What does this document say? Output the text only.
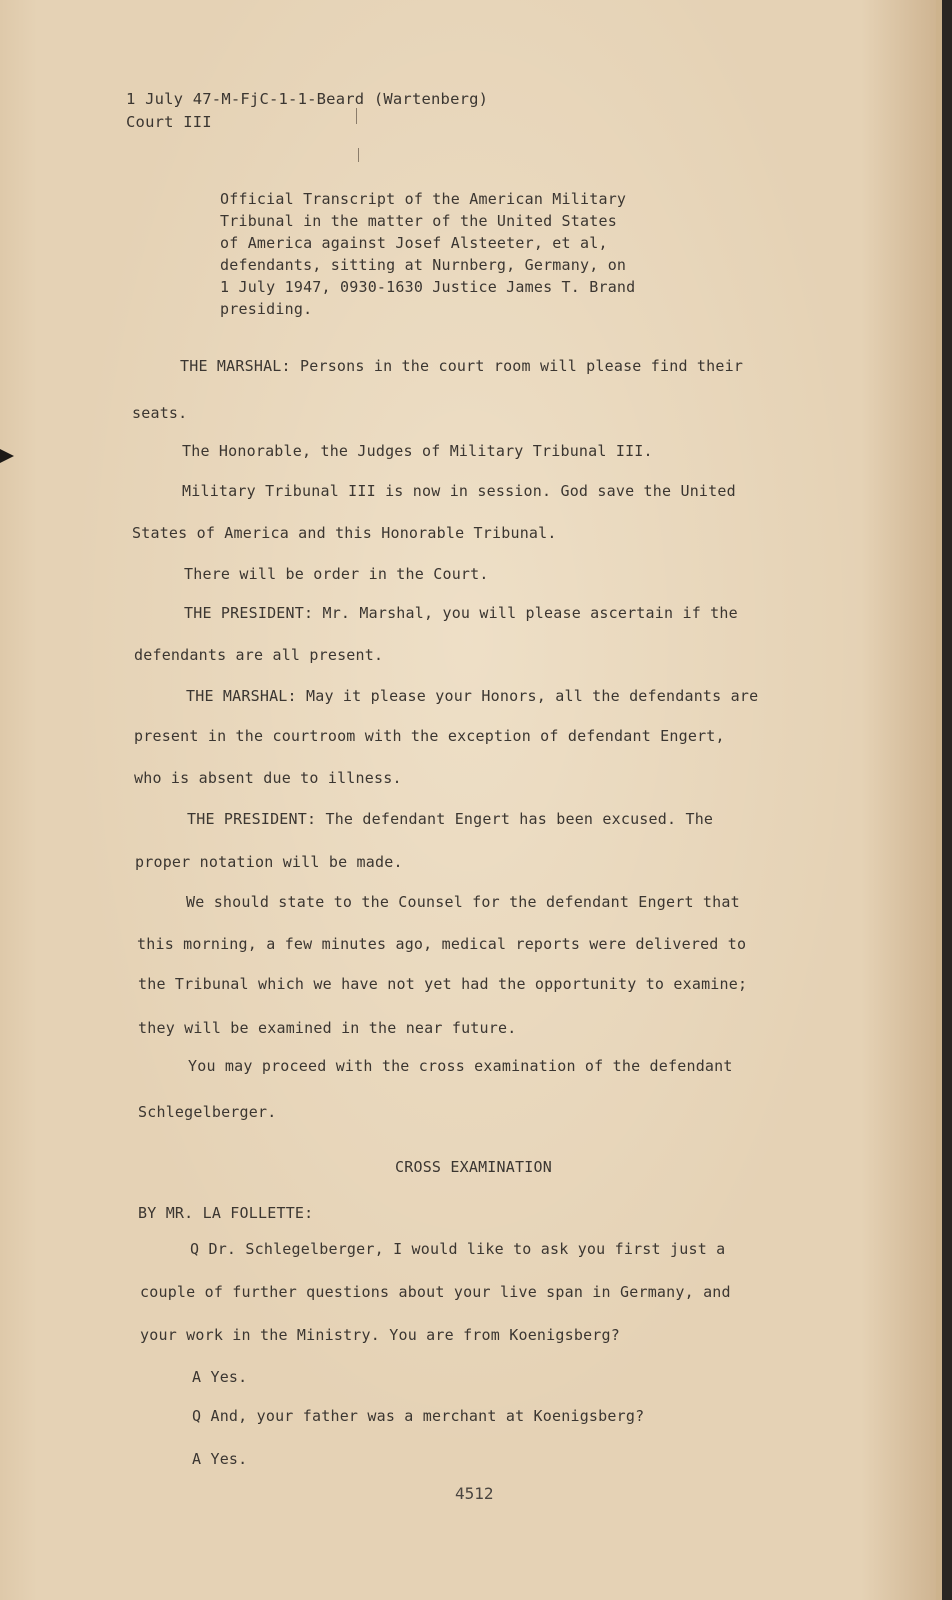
1 July 47-M-FjC-1-1-Beard (Wartenberg)

Court III

Official Transcript of the American Military

Tribunal in the matter of the United States

of America against Josef Alsteeter, et al,

defendants, sitting at Nurnberg, Germany, on

1 July 1947, 0930-1630 Justice James T. Brand

presiding.

THE MARSHAL: Persons in the court room will please find their

seats.

The Honorable, the Judges of Military Tribunal III.

Military Tribunal III is now in session. God save the United

States of America and this Honorable Tribunal.

There will be order in the Court.

THE PRESIDENT: Mr. Marshal, you will please ascertain if the

defendants are all present.

THE MARSHAL: May it please your Honors, all the defendants are

present in the courtroom with the exception of defendant Engert,

who is absent due to illness.

THE PRESIDENT: The defendant Engert has been excused. The

proper notation will be made.

We should state to the Counsel for the defendant Engert that

this morning, a few minutes ago, medical reports were delivered to

the Tribunal which we have not yet had the opportunity to examine;

they will be examined in the near future.

You may proceed with the cross examination of the defendant

Schlegelberger.

CROSS EXAMINATION

BY MR. LA FOLLETTE:

Q Dr. Schlegelberger, I would like to ask you first just a

couple of further questions about your live span in Germany, and

your work in the Ministry. You are from Koenigsberg?

A Yes.

Q And, your father was a merchant at Koenigsberg?

A Yes.

4512
